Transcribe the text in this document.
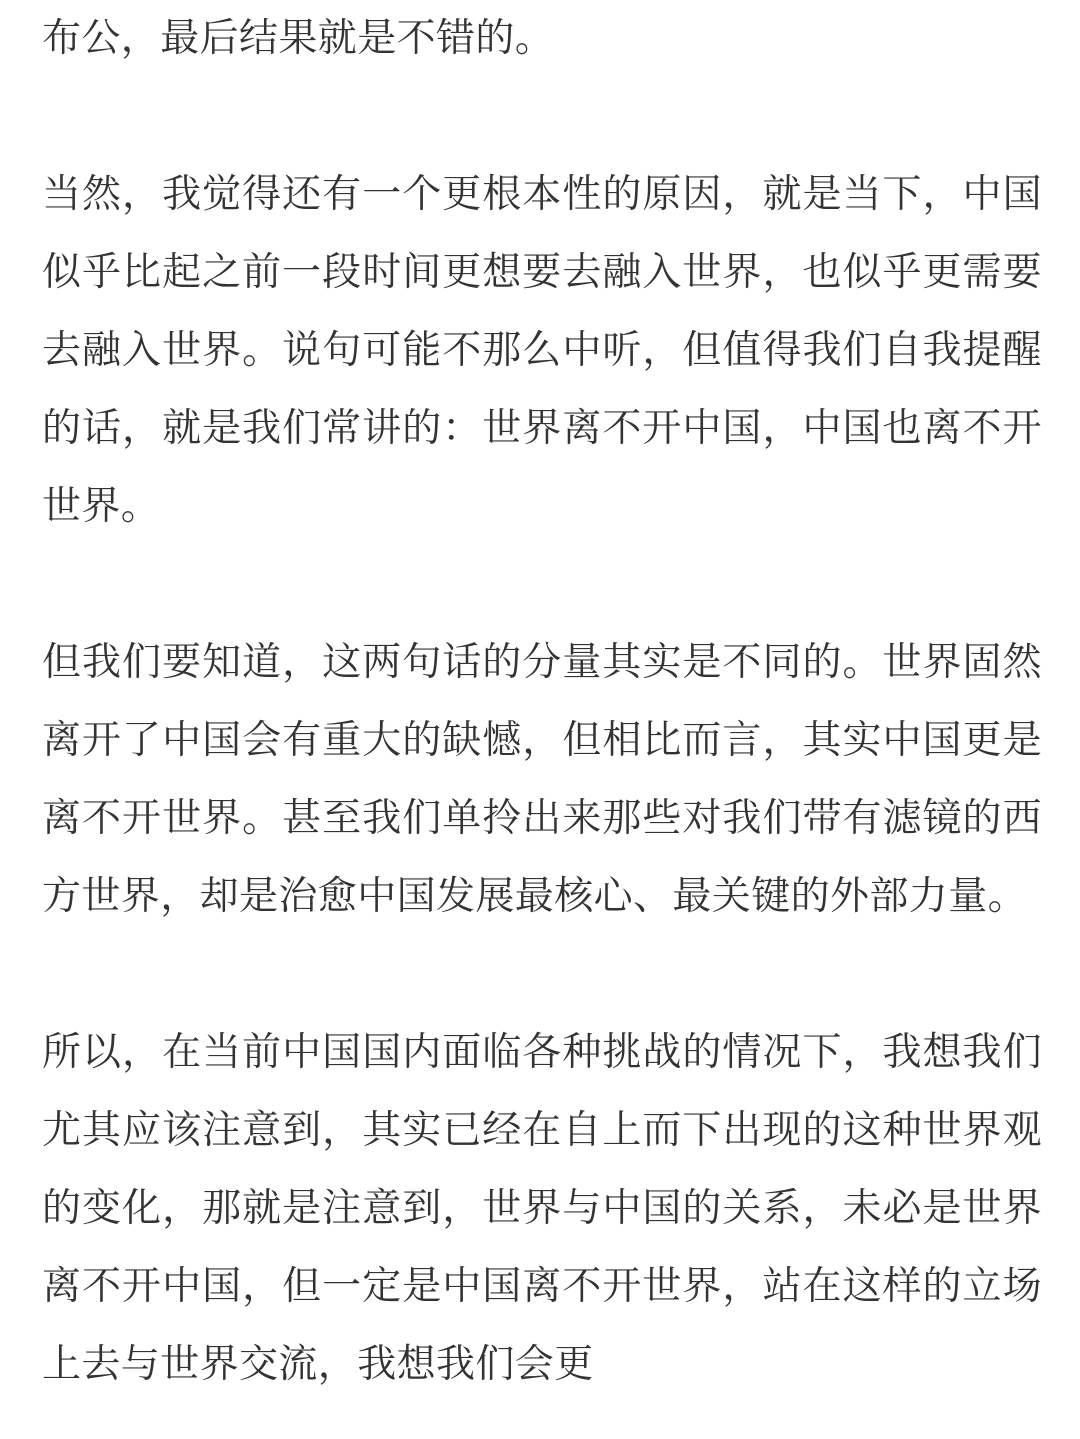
布公，最后结果就是不错的。

当然，我觉得还有一个更根本性的原因，就是当下，中国似乎比起之前一段时间更想要去融入世界，也似乎更需要去融入世界。说句可能不那么中听，但值得我们自我提醒的话，就是我们常讲的：世界离不开中国，中国也离不开世界。

但我们要知道，这两句话的分量其实是不同的。世界固然离开了中国会有重大的缺憾，但相比而言，其实中国更是离不开世界。甚至我们单拎出来那些对我们带有滤镜的西方世界，却是治愈中国发展最核心、最关键的外部力量。

所以，在当前中国国内面临各种挑战的情况下，我想我们尤其应该注意到，其实已经在自上而下出现的这种世界观的变化，那就是注意到，世界与中国的关系，未必是世界离不开中国，但一定是中国离不开世界，站在这样的立场上去与世界交流，我想我们会更
